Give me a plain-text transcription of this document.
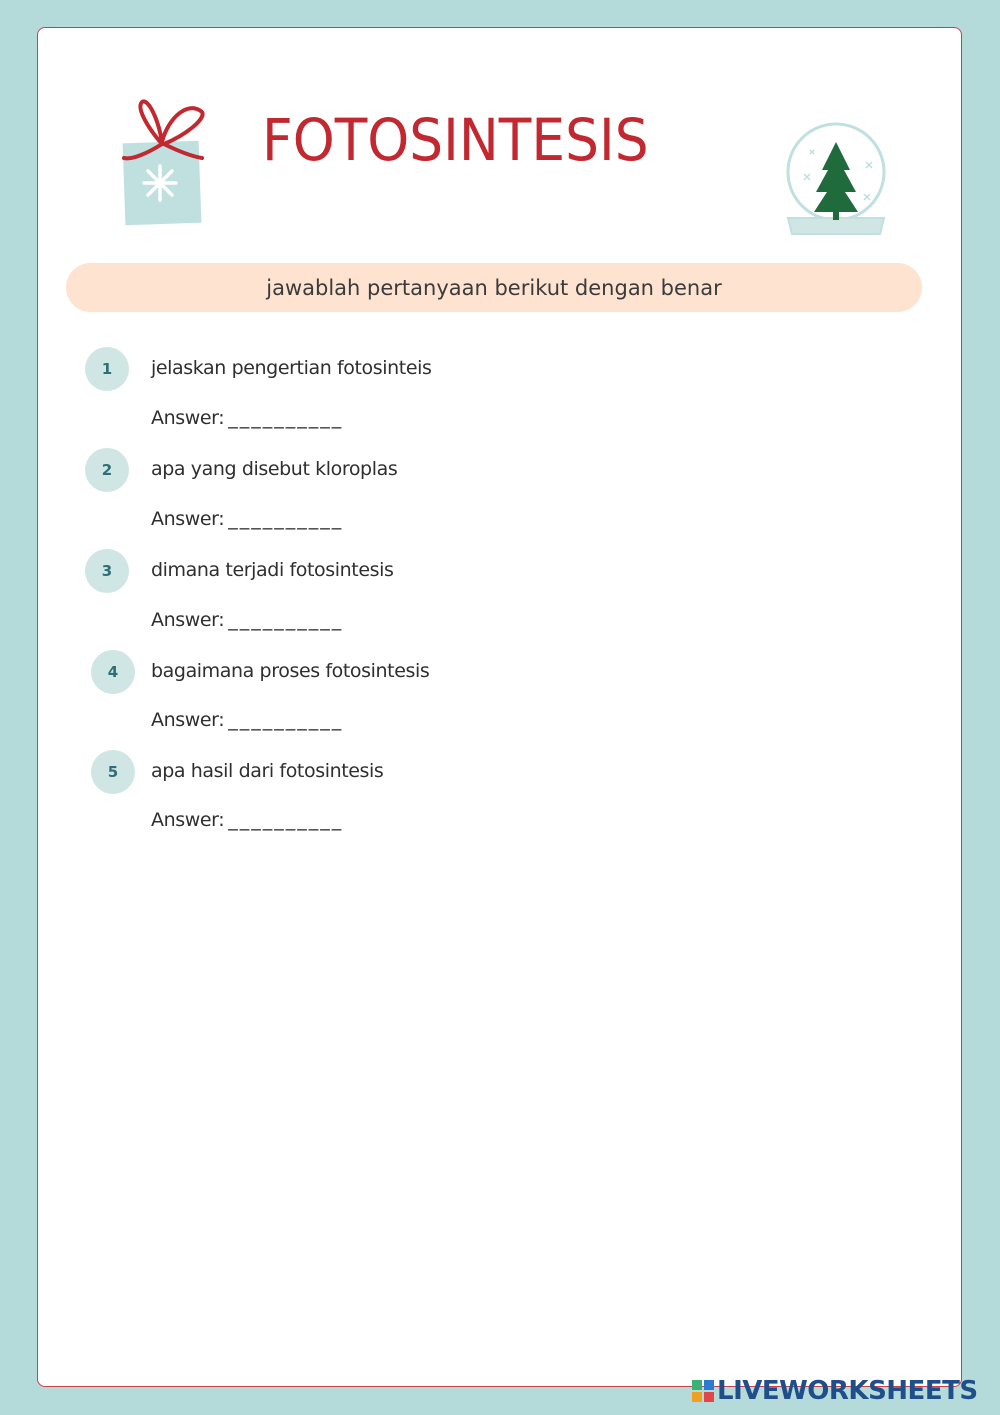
FOTOSINTESIS
jawablah pertanyaan berikut dengan benar
1	jelaskan pengertian fotosinteis
Answer: __________
2	apa yang disebut kloroplas
Answer: __________
3	dimana terjadi fotosintesis
Answer: __________
4	bagaimana proses fotosintesis
Answer: __________
5	apa hasil dari fotosintesis
Answer: __________
LIVEWORKSHEETS
